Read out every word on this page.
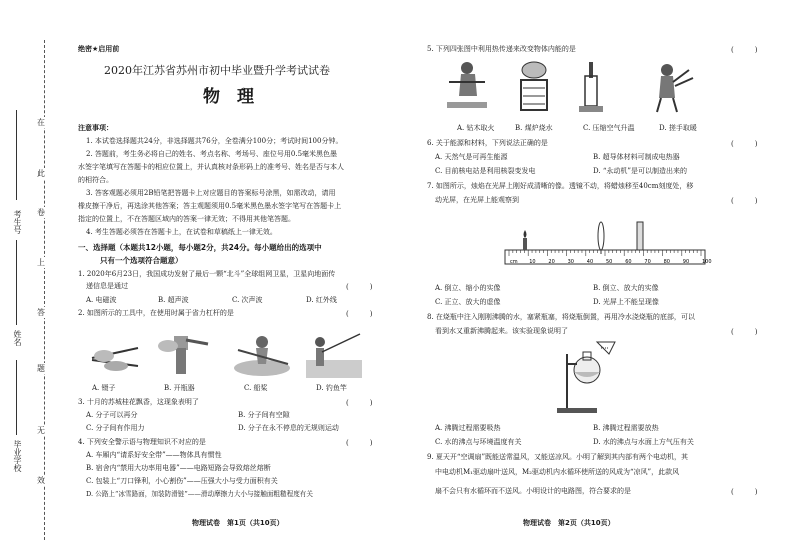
在
此
卷
上
答
题
无
效
考生号
姓名
毕业学校
绝密★启用前
2020年江苏省苏州市初中毕业暨升学考试试卷
物　理
注意事项：
1. 本试卷选择题共24分，非选择题共76分，全卷满分100分；考试时间100分钟。
2. 答题前，考生务必将自己的姓名、考点名称、考场号、座位号用0.5毫米黑色墨
水签字笔填写在答题卡的相应位置上，并认真核对条形码上的准考号、姓名是否与本人
的相符合。
3. 答客观题必须用2B铅笔把答题卡上对应题目的答案标号涂黑，如需改动，请用
橡皮擦干净后，再选涂其他答案；答主观题须用0.5毫米黑色墨水签字笔写在答题卡上
指定的位置上，不在答题区域内的答案一律无效；不得用其他笔答题。
4. 考生答题必须答在答题卡上，在试卷和草稿纸上一律无效。
一、选择题（本题共12小题，每小题2分，共24分。每小题给出的选项中
只有一个选项符合题意）
1. 2020年6月23日，我国成功发射了最后一颗“北斗”全球组网卫星，卫星向地面传
递信息是通过	(　　　)
A. 电磁波	B. 超声波	C. 次声波	D. 红外线
2. 如图所示的工具中，在使用时属于省力杠杆的是	(　　　)
A. 镊子	B. 开瓶器	C. 船桨	D. 钓鱼竿
3. 十月的苏城桂花飘香，这现象表明了	(　　　)
A. 分子可以再分	B. 分子间有空隙
C. 分子间有作用力	D. 分子在永不停息的无规则运动
4. 下列安全警示语与物理知识不对应的是	(　　　)
A. 车厢内“请系好安全带”——物体具有惯性
B. 宿舍内“禁用大功率用电器”——电路短路会导致熔丝熔断
C. 包装上“刀口锋利，小心割伤”——压强大小与受力面积有关
D. 公路上“冰雪路面，加装防滑链”——滑动摩擦力大小与接触面粗糙程度有关
物理试卷　第1页（共10页）
5. 下列四张图中利用热传递来改变物体内能的是	(　　　)
A. 钻木取火	B. 煤炉烧水	C. 压缩空气升温	D. 搓手取暖
6. 关于能源和材料，下列说法正确的是	(　　　)
A. 天然气是可再生能源	B. 超导体材料可制成电热器
C. 目前核电站是利用核裂变发电	D. “永动机”是可以制造出来的
7. 如图所示，烛焰在光屏上刚好成清晰的像。透镜不动，将蜡烛移至40cm刻度处，移
动光屏，在光屏上能观察到	(　　　)
cm 10	20	30	40	50	60	70	80	90	100
A. 倒立、缩小的实像	B. 倒立、放大的实像
C. 正立、放大的虚像	D. 光屏上不能呈现像
8. 在烧瓶中注入刚刚沸腾的水，塞紧瓶塞，将烧瓶倒置，再用冷水浇烧瓶的底部，可以
看到水又重新沸腾起来。该实验现象说明了	(　　　)
A. 沸腾过程需要吸热	B. 沸腾过程需要放热
C. 水的沸点与环境温度有关	D. 水的沸点与水面上方气压有关
9. 夏天开“空调扇”既能送常温风，又能送凉风。小明了解到其内部有两个电动机，其
中电动机M₁驱动扇叶送风，M₂驱动机内水循环使所送的风成为“凉风”，此款风
扇不会只有水循环而不送风。小明设计的电路图，符合要求的是	(　　　)
物理试卷　第2页（共10页）
